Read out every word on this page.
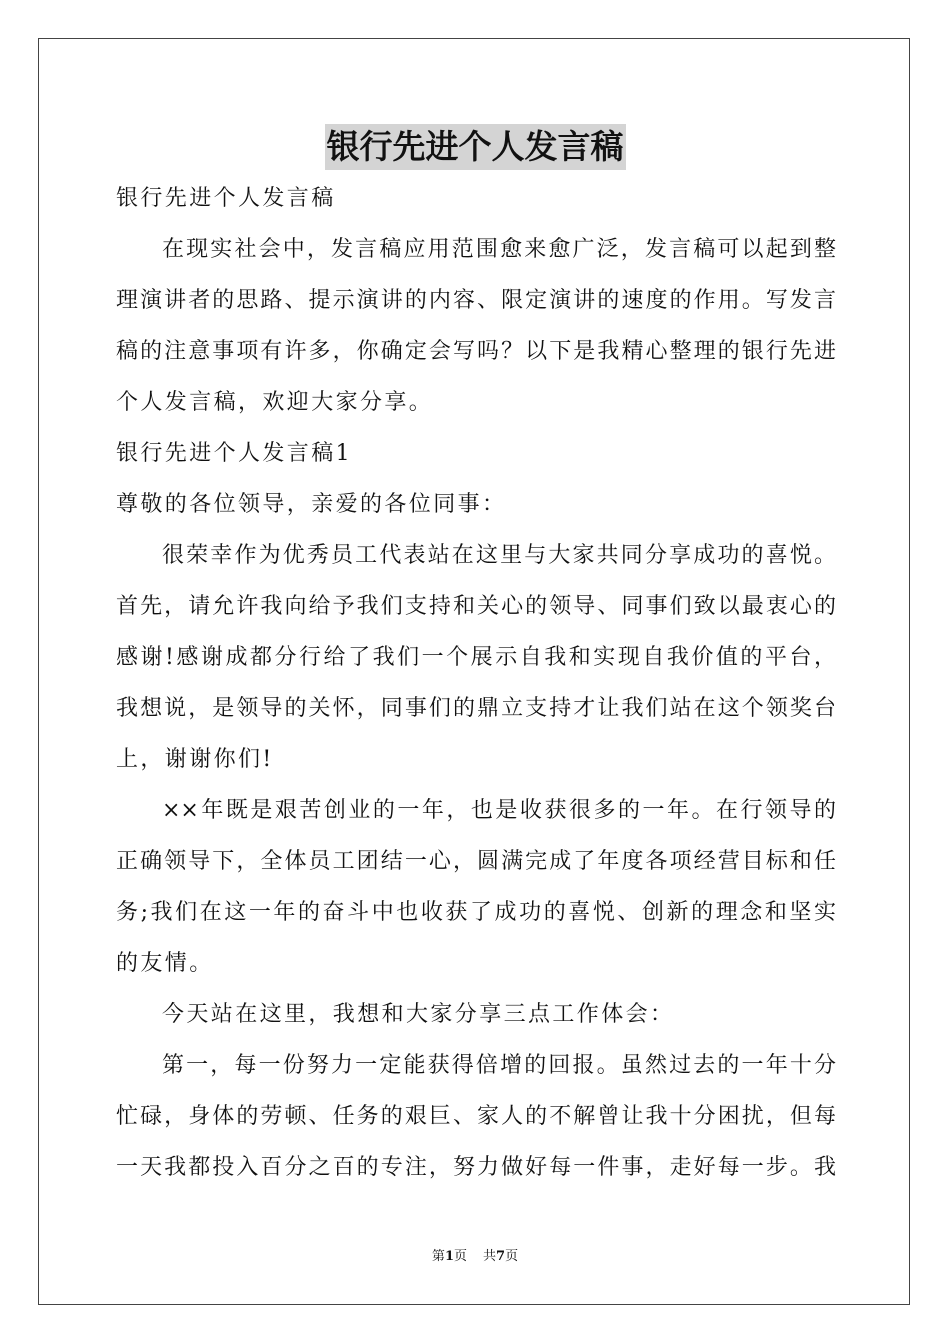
银行先进个人发言稿
银行先进个人发言稿
在现实社会中，发言稿应用范围愈来愈广泛，发言稿可以起到整
理演讲者的思路、提示演讲的内容、限定演讲的速度的作用。写发言
稿的注意事项有许多，你确定会写吗？以下是我精心整理的银行先进
个人发言稿，欢迎大家分享。
银行先进个人发言稿1
尊敬的各位领导，亲爱的各位同事：
很荣幸作为优秀员工代表站在这里与大家共同分享成功的喜悦。
首先，请允许我向给予我们支持和关心的领导、同事们致以最衷心的
感谢!感谢成都分行给了我们一个展示自我和实现自我价值的平台，
我想说，是领导的关怀，同事们的鼎立支持才让我们站在这个领奖台
上，谢谢你们!
××年既是艰苦创业的一年，也是收获很多的一年。在行领导的
正确领导下，全体员工团结一心，圆满完成了年度各项经营目标和任
务;我们在这一年的奋斗中也收获了成功的喜悦、创新的理念和坚实
的友情。
今天站在这里，我想和大家分享三点工作体会：
第一，每一份努力一定能获得倍增的回报。虽然过去的一年十分
忙碌，身体的劳顿、任务的艰巨、家人的不解曾让我十分困扰，但每
一天我都投入百分之百的专注，努力做好每一件事，走好每一步。我
第1页 共7页
